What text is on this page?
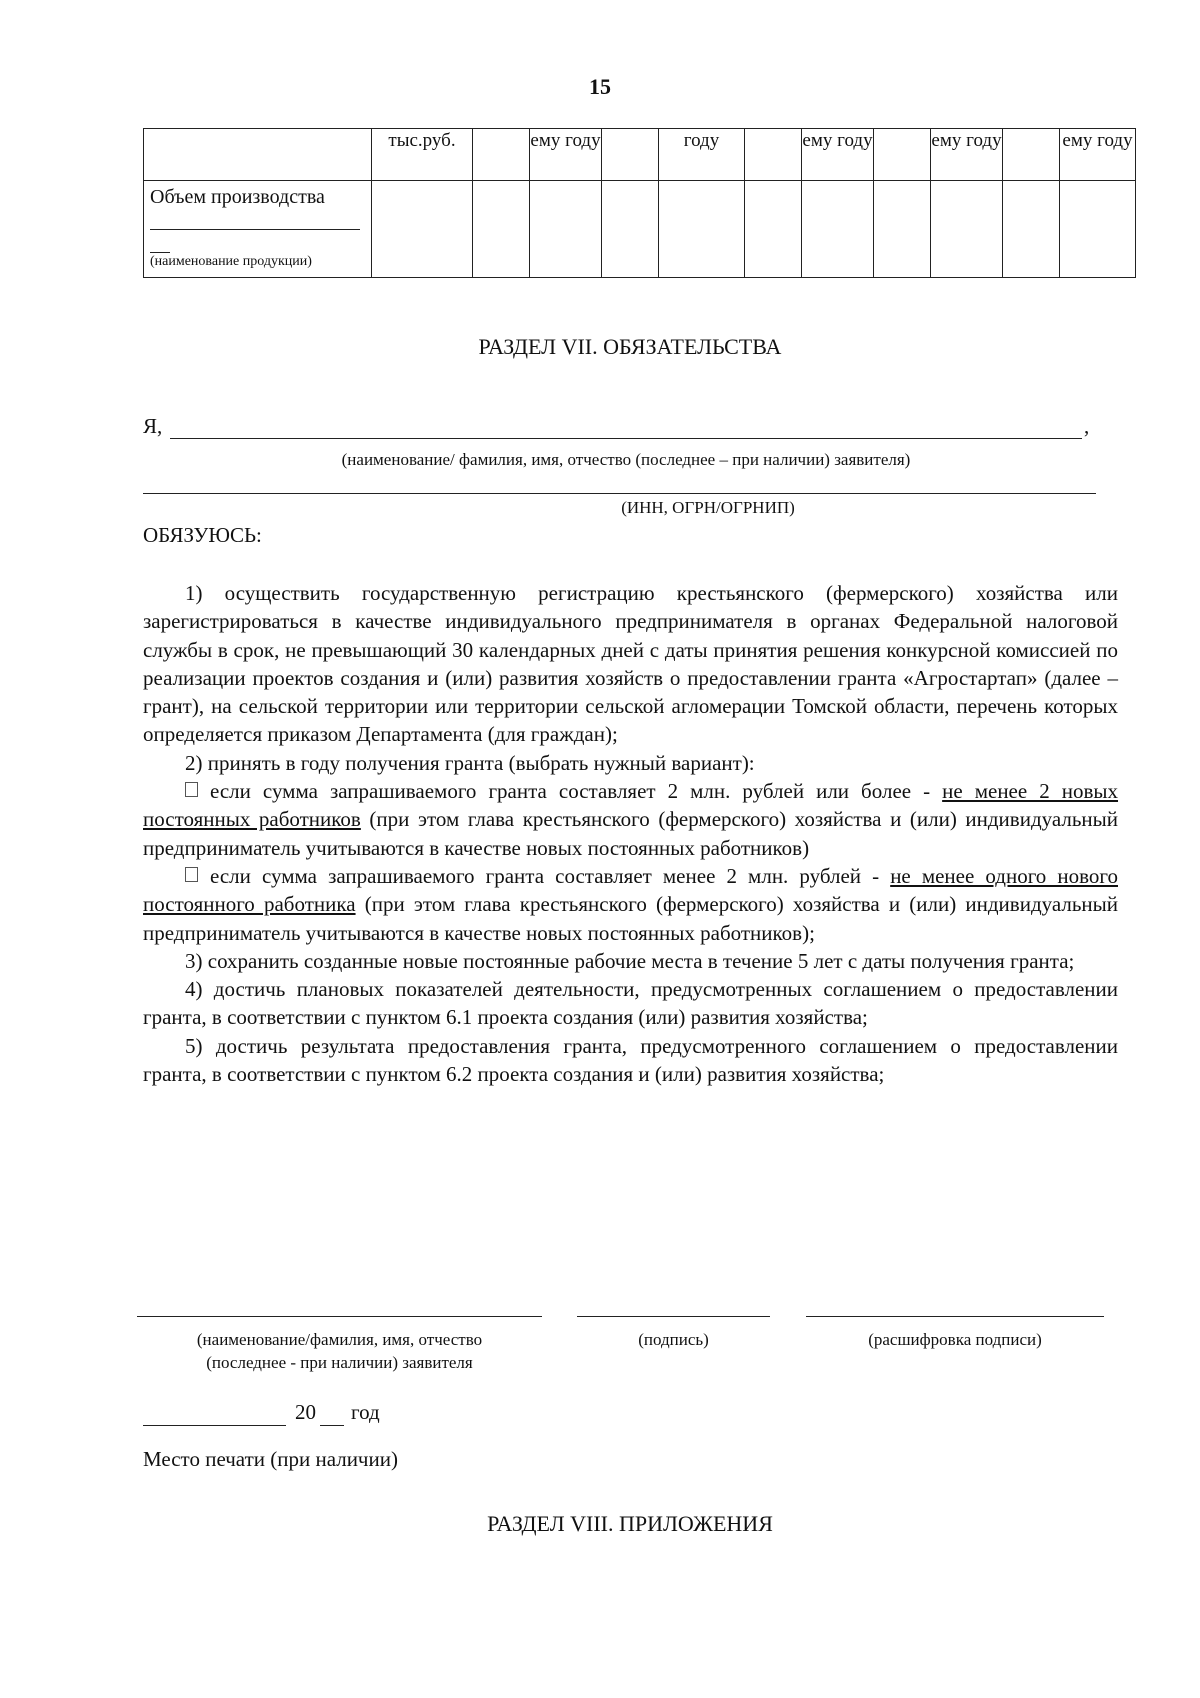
15
	тыс.руб.		ему году		году		ему году		ему году		ему году

Объем производства
(наименование продукции)											

РАЗДЕЛ VII. ОБЯЗАТЕЛЬСТВА
Я,	,
(наименование/ фамилия, имя, отчество (последнее – при наличии) заявителя)
(ИНН, ОГРН/ОГРНИП)
ОБЯЗУЮСЬ:

1) осуществить государственную регистрацию крестьянского (фермерского) хозяйства или зарегистрироваться в качестве индивидуального предпринимателя в органах Федеральной налоговой службы в срок, не превышающий 30 календарных дней с даты принятия решения конкурсной комиссией по реализации проектов создания и (или) развития хозяйств о предоставлении гранта «Агростартап» (далее – грант), на сельской территории или территории сельской агломерации Томской области, перечень которых определяется приказом Департамента (для граждан);

2) принять в году получения гранта (выбрать нужный вариант):

если сумма запрашиваемого гранта составляет 2 млн. рублей или более - не менее 2 новых постоянных работников (при этом глава крестьянского (фермерского) хозяйства и (или) индивидуальный предприниматель учитываются в качестве новых постоянных работников)

если сумма запрашиваемого гранта составляет менее 2 млн. рублей - не менее одного нового постоянного работника (при этом глава крестьянского (фермерского) хозяйства и (или) индивидуальный предприниматель учитываются в качестве новых постоянных работников);

3) сохранить созданные новые постоянные рабочие места в течение 5 лет с даты получения гранта;

4) достичь плановых показателей деятельности, предусмотренных соглашением о предоставлении гранта, в соответствии с пунктом 6.1 проекта создания (или) развития хозяйства;

5) достичь результата предоставления гранта, предусмотренного соглашением о предоставлении гранта, в соответствии с пунктом 6.2 проекта создания и (или) развития хозяйства;

(наименование/фамилия, имя, отчество
(последнее - при наличии) заявителя
(подпись)	(расшифровка подписи)
20 год
Место печати (при наличии)
РАЗДЕЛ VIII. ПРИЛОЖЕНИЯ
